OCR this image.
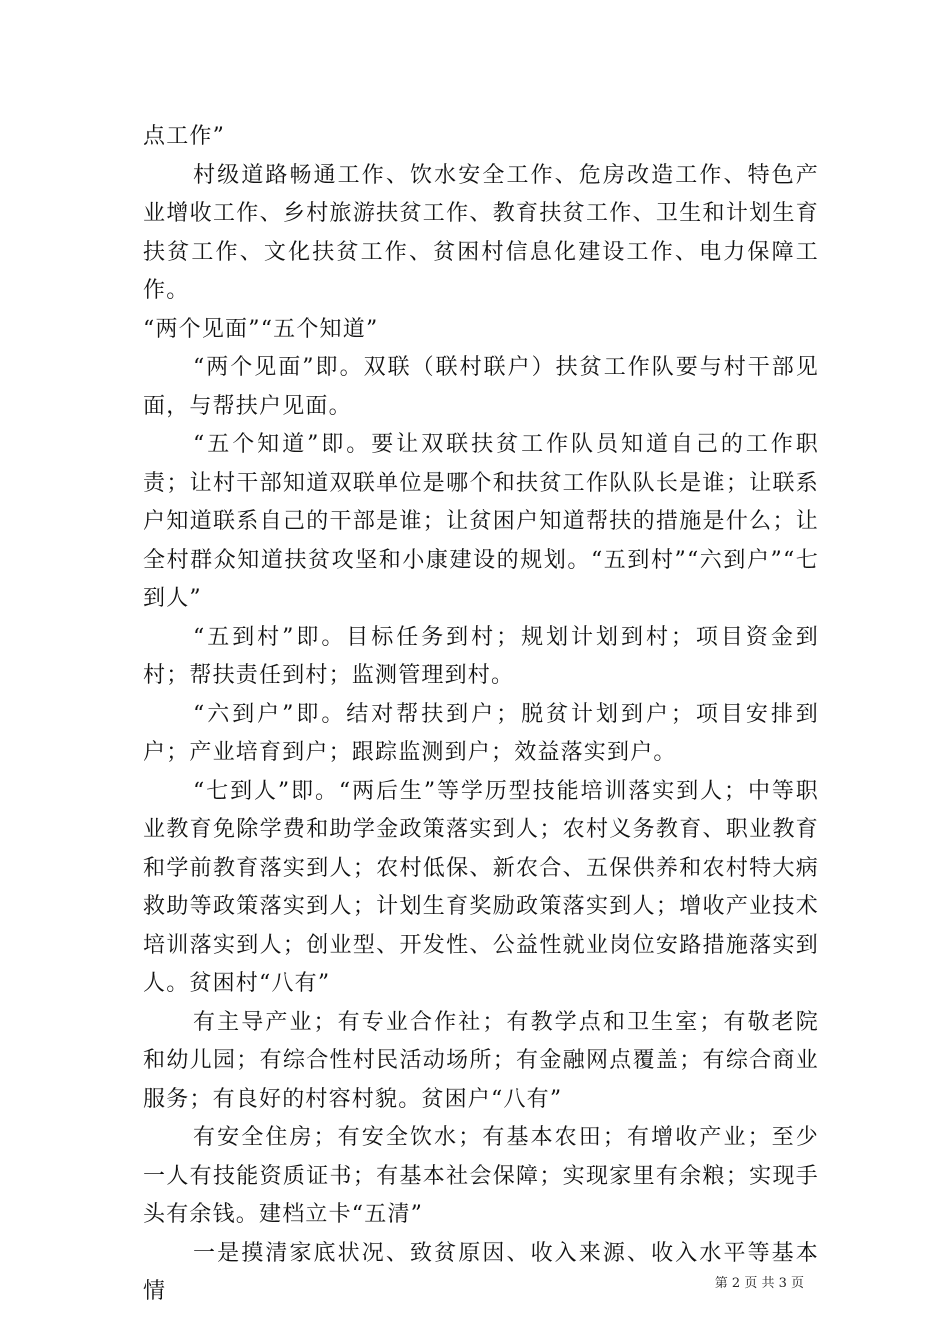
点工作”

村级道路畅通工作、饮水安全工作、危房改造工作、特色产业增收工作、乡村旅游扶贫工作、教育扶贫工作、卫生和计划生育扶贫工作、文化扶贫工作、贫困村信息化建设工作、电力保障工作。

“两个见面”“五个知道”

“两个见面”即。双联（联村联户）扶贫工作队要与村干部见面，与帮扶户见面。

“五个知道”即。要让双联扶贫工作队员知道自己的工作职责；让村干部知道双联单位是哪个和扶贫工作队队长是谁；让联系户知道联系自己的干部是谁；让贫困户知道帮扶的措施是什么；让全村群众知道扶贫攻坚和小康建设的规划。“五到村”“六到户”“七到人”

“五到村”即。目标任务到村；规划计划到村；项目资金到村；帮扶责任到村；监测管理到村。

“六到户”即。结对帮扶到户；脱贫计划到户；项目安排到户；产业培育到户；跟踪监测到户；效益落实到户。

“七到人”即。“两后生”等学历型技能培训落实到人；中等职业教育免除学费和助学金政策落实到人；农村义务教育、职业教育和学前教育落实到人；农村低保、新农合、五保供养和农村特大病救助等政策落实到人；计划生育奖励政策落实到人；增收产业技术培训落实到人；创业型、开发性、公益性就业岗位安路措施落实到人。贫困村“八有”

有主导产业；有专业合作社；有教学点和卫生室；有敬老院和幼儿园；有综合性村民活动场所；有金融网点覆盖；有综合商业服务；有良好的村容村貌。贫困户“八有”

有安全住房；有安全饮水；有基本农田；有增收产业；至少一人有技能资质证书；有基本社会保障；实现家里有余粮；实现手头有余钱。建档立卡“五清”

一是摸清家底状况、致贫原因、收入来源、收入水平等基本情	第 2 页 共 3 页
